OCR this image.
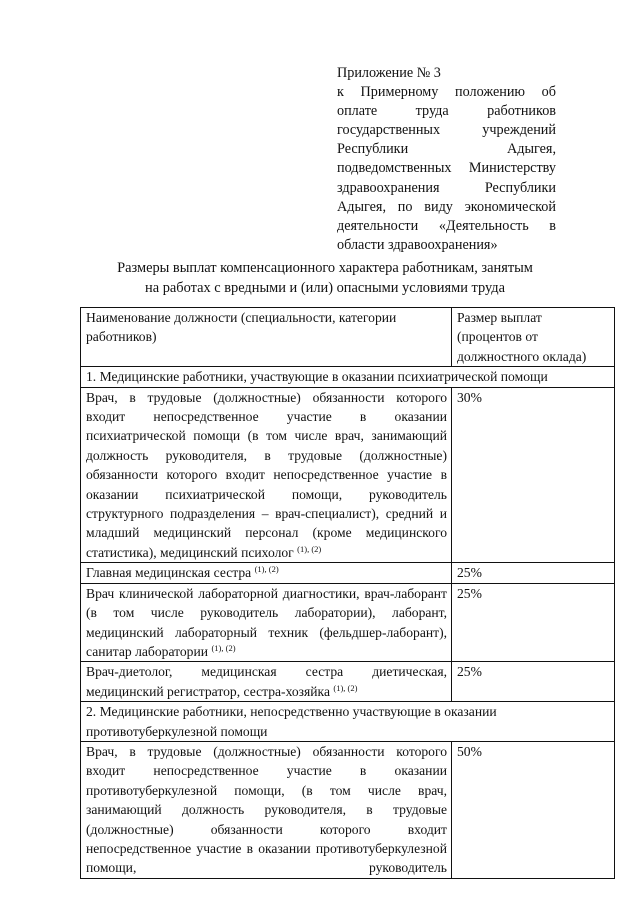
Приложение № 3
к Примерному положению об
оплате труда работников
государственных учреждений
Республики Адыгея,
подведомственных Министерству
здравоохранения Республики
Адыгея, по виду экономической
деятельности «Деятельность в
области здравоохранения»
Размеры выплат компенсационного характера работникам, занятым
на работах с вредными и (или) опасными условиями труда
Наименование должности (специальности, категории работников)	Размер выплат (процентов от должностного оклада)
1. Медицинские работники, участвующие в оказании психиатрической помощи	
Врач, в трудовые (должностные) обязанности которого входит непосредственное участие в оказании психиатрической помощи (в том числе врач, занимающий должность руководителя, в трудовые (должностные) обязанности которого входит непосредственное участие в оказании психиатрической помощи, руководитель структурного подразделения – врач-специалист), средний и младший медицинский персонал (кроме медицинского статистика), медицинский психолог $^{(1), (2)}$	30%
Главная медицинская сестра $^{(1), (2)}$	25%
Врач клинической лабораторной диагностики, врач-лаборант (в том числе руководитель лаборатории), лаборант, медицинский лабораторный техник (фельдшер-лаборант), санитар лаборатории $^{(1), (2)}$	25%
Врач-диетолог, медицинская сестра диетическая, медицинский регистратор, сестра-хозяйка $^{(1), (2)}$	25%
2. Медицинские работники, непосредственно участвующие в оказании противотуберкулезной помощи	
Врач, в трудовые (должностные) обязанности которого входит непосредственное участие в оказании противотуберкулезной помощи, (в том числе врач, занимающий должность руководителя, в трудовые (должностные) обязанности которого входит непосредственное участие в оказании противотуберкулезной помощи, руководитель	50%
